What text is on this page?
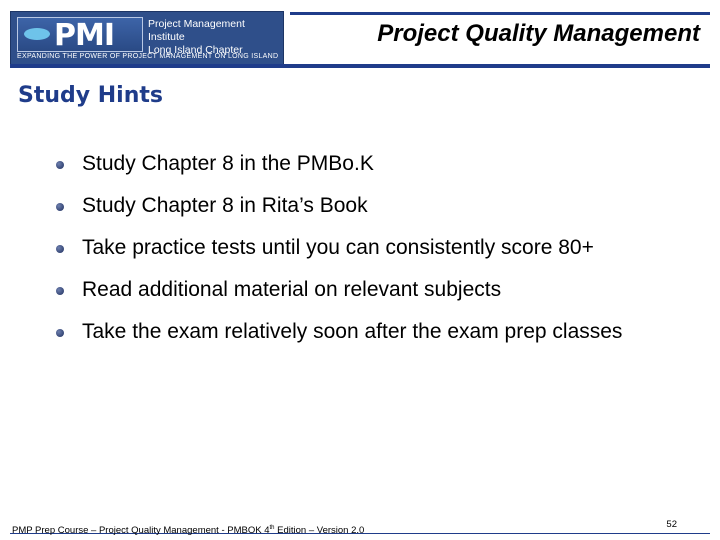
PMI	Project Management Institute
Long Island Chapter
EXPANDING THE POWER OF PROJECT MANAGEMENT ON LONG ISLAND
Project Quality Management
Study Hints
Study Chapter 8 in the PMBo.K
Study Chapter 8 in Rita’s Book
Take practice tests until you can consistently score 80+
Read additional material on relevant subjects
Take the exam relatively soon after the exam prep classes
PMP Prep Course – Project Quality Management - PMBOK 4th Edition – Version 2.0
52
